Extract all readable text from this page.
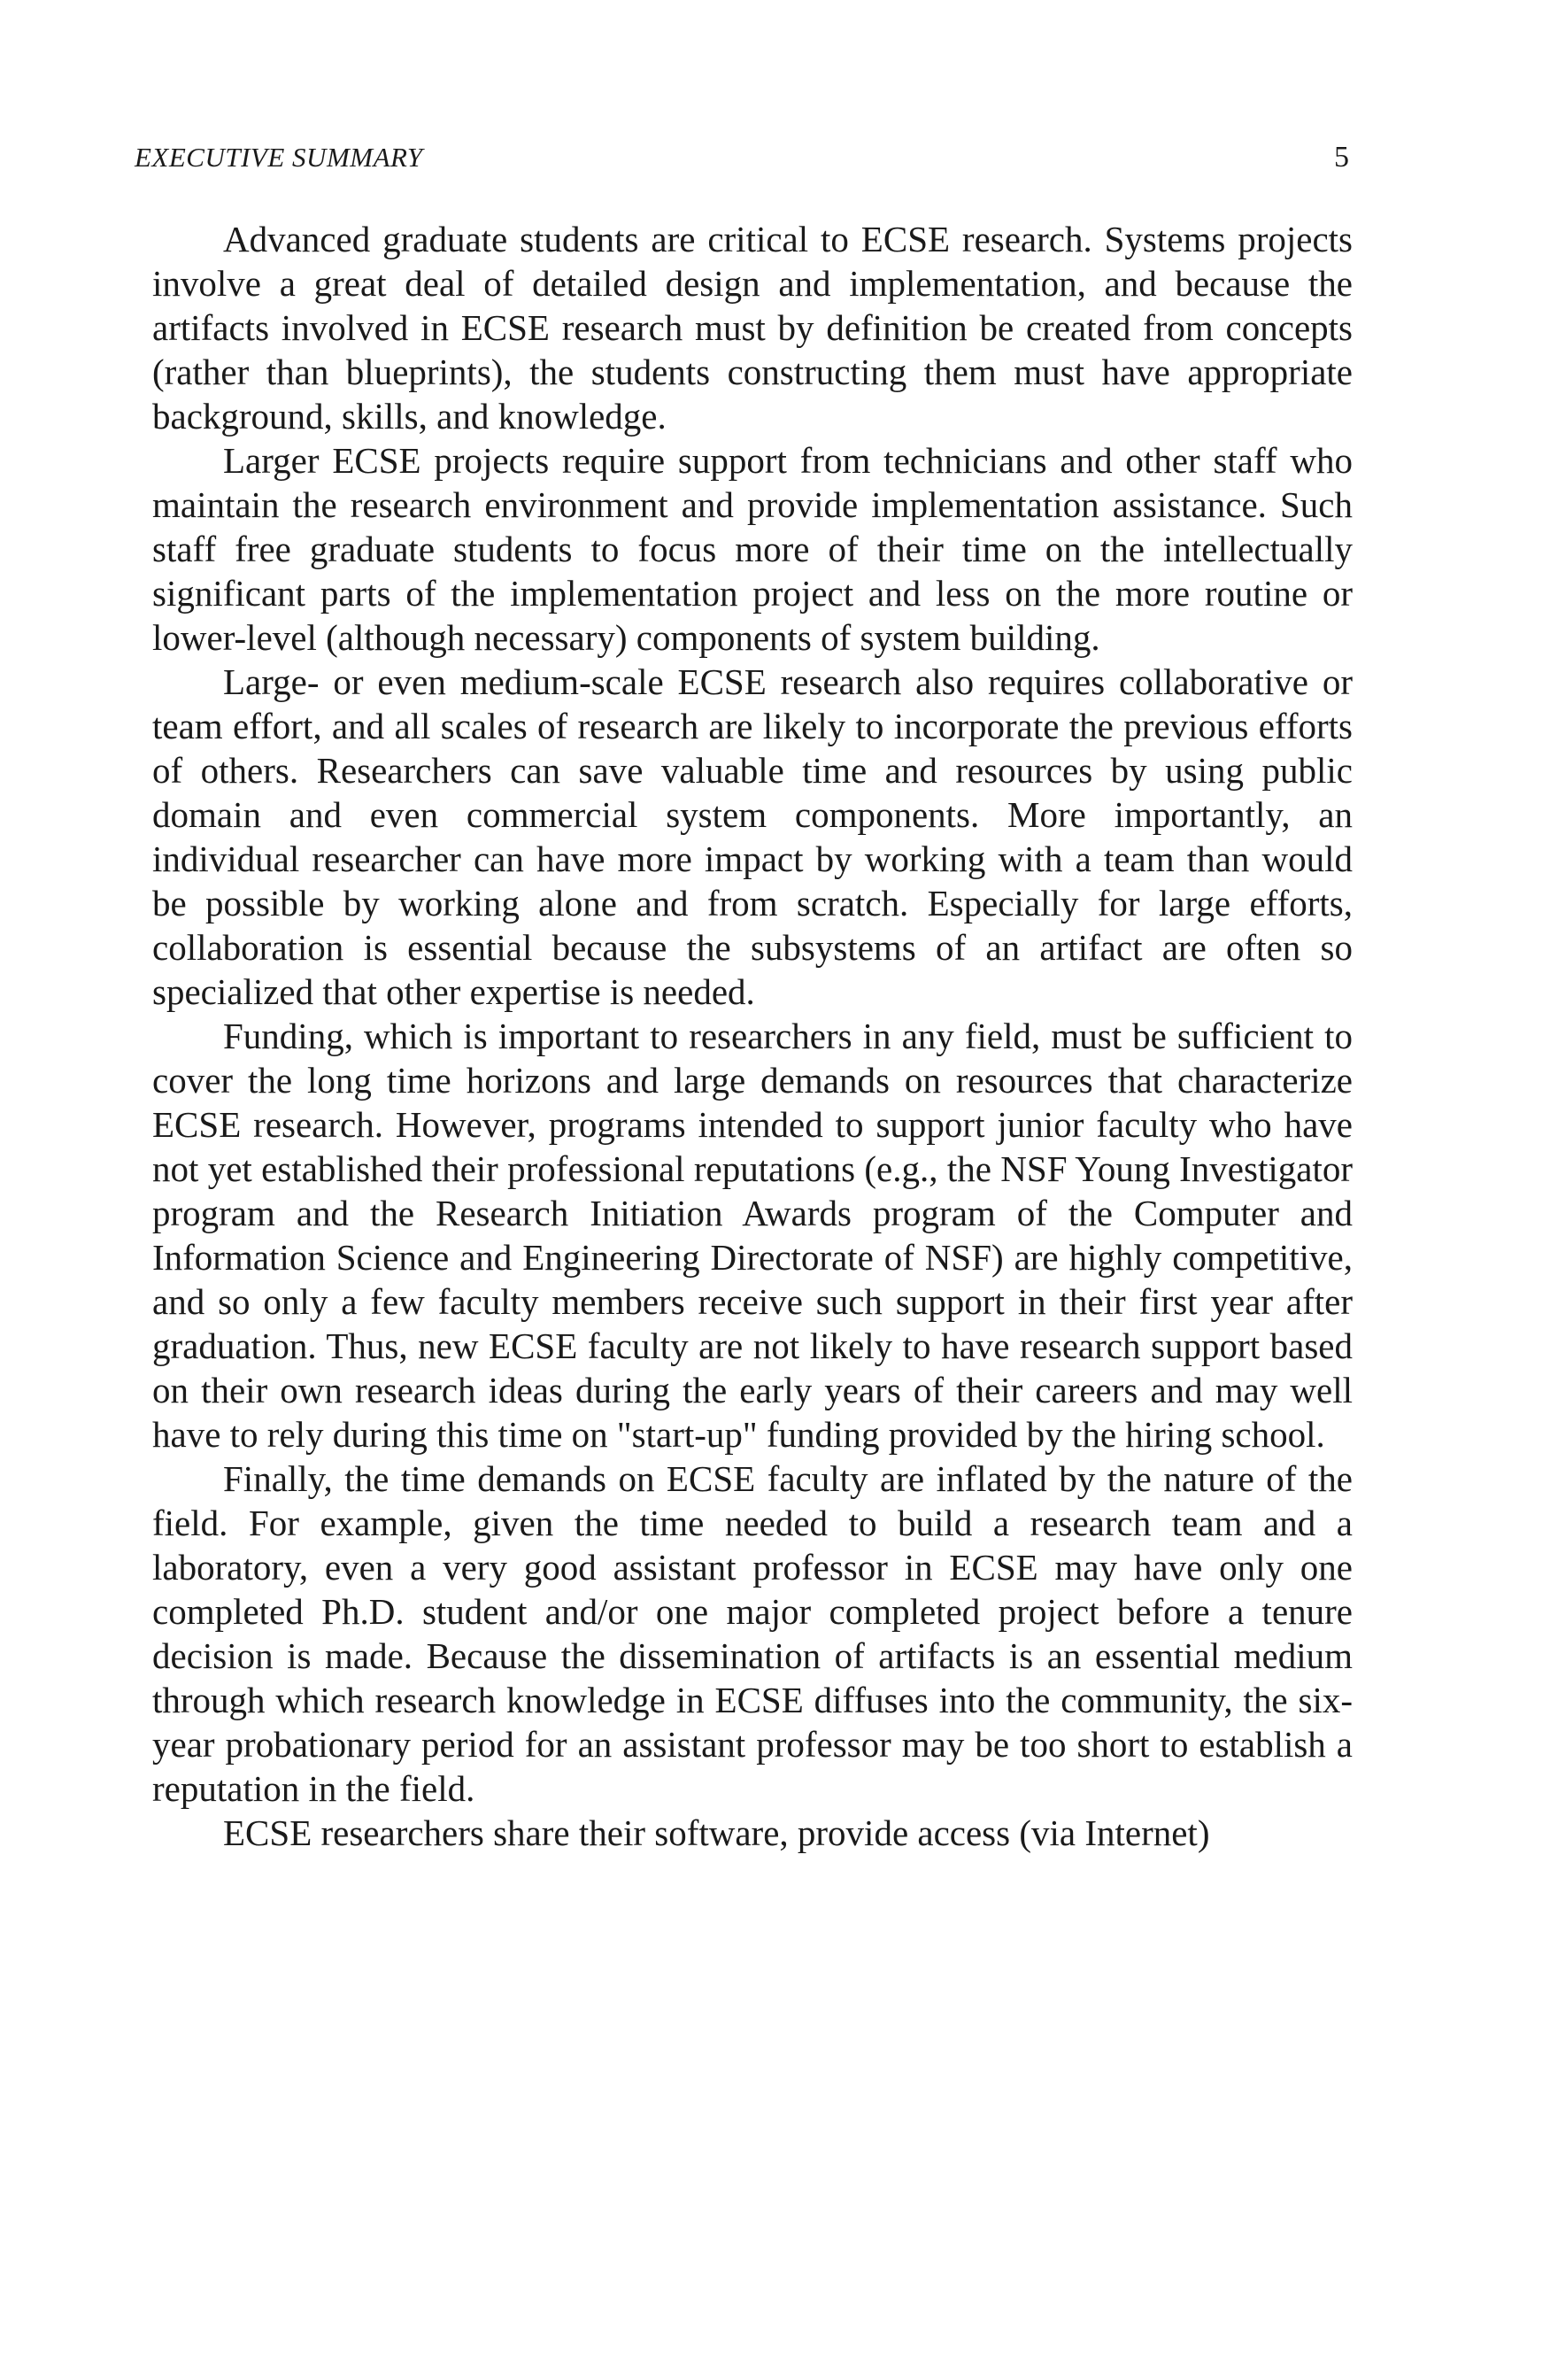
EXECUTIVE SUMMARY	5

Advanced graduate students are critical to ECSE research. Systems projects involve a great deal of detailed design and implementation, and because the artifacts involved in ECSE research must by definition be created from concepts (rather than blueprints), the students constructing them must have appropriate background, skills, and knowledge.

Larger ECSE projects require support from technicians and other staff who maintain the research environment and provide implementation assistance. Such staff free graduate students to focus more of their time on the intellectually significant parts of the implementation project and less on the more routine or lower-level (although necessary) components of system building.

Large- or even medium-scale ECSE research also requires collaborative or team effort, and all scales of research are likely to incorporate the previous efforts of others. Researchers can save valuable time and resources by using public domain and even commercial system components. More importantly, an individual researcher can have more impact by working with a team than would be possible by working alone and from scratch. Especially for large efforts, collaboration is essential because the subsystems of an artifact are often so specialized that other expertise is needed.

Funding, which is important to researchers in any field, must be sufficient to cover the long time horizons and large demands on resources that characterize ECSE research. However, programs intended to support junior faculty who have not yet established their professional reputations (e.g., the NSF Young Investigator program and the Research Initiation Awards program of the Computer and Information Science and Engineering Directorate of NSF) are highly competitive, and so only a few faculty members receive such support in their first year after graduation. Thus, new ECSE faculty are not likely to have research support based on their own research ideas during the early years of their careers and may well have to rely during this time on "start-up" funding provided by the hiring school.

Finally, the time demands on ECSE faculty are inflated by the nature of the field. For example, given the time needed to build a research team and a laboratory, even a very good assistant professor in ECSE may have only one completed Ph.D. student and/or one major completed project before a tenure decision is made. Because the dissemination of artifacts is an essential medium through which research knowledge in ECSE diffuses into the community, the six-year probationary period for an assistant professor may be too short to establish a reputation in the field.

ECSE researchers share their software, provide access (via Internet)
